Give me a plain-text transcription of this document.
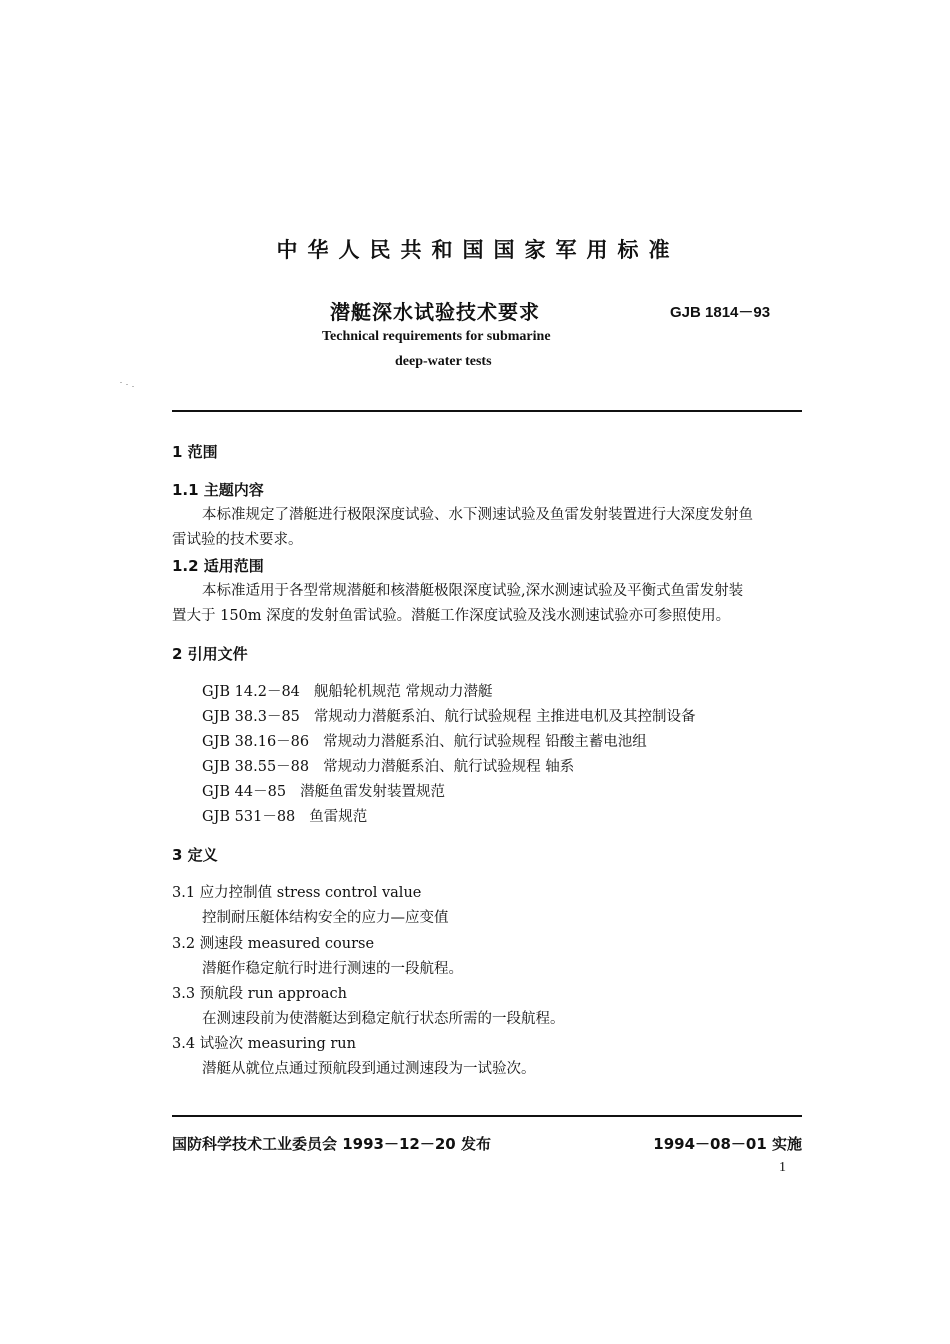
中华人民共和国国家军用标准
潜艇深水试验技术要求	GJB 1814－93
Technical requirements for submarine
deep-water tests
1 范围
1.1 主题内容
本标准规定了潜艇进行极限深度试验、水下测速试验及鱼雷发射装置进行大深度发射鱼
雷试验的技术要求。
1.2 适用范围
本标准适用于各型常规潜艇和核潜艇极限深度试验,深水测速试验及平衡式鱼雷发射装
置大于 150m 深度的发射鱼雷试验。潜艇工作深度试验及浅水测速试验亦可参照使用。
2 引用文件
GJB 14.2－84 舰船轮机规范 常规动力潜艇
GJB 38.3－85 常规动力潜艇系泊、航行试验规程 主推进电机及其控制设备
GJB 38.16－86 常规动力潜艇系泊、航行试验规程 铅酸主蓄电池组
GJB 38.55－88 常规动力潜艇系泊、航行试验规程 轴系
GJB 44－85 潜艇鱼雷发射装置规范
GJB 531－88 鱼雷规范
3 定义
3.1 应力控制值 stress control value
控制耐压艇体结构安全的应力—应变值
3.2 测速段 measured course
潜艇作稳定航行时进行测速的一段航程。
3.3 预航段 run approach
在测速段前为使潜艇达到稳定航行状态所需的一段航程。
3.4 试验次 measuring run
潜艇从就位点通过预航段到通过测速段为一试验次。
国防科学技术工业委员会 1993－12－20 发布	1994－08－01 实施
1
